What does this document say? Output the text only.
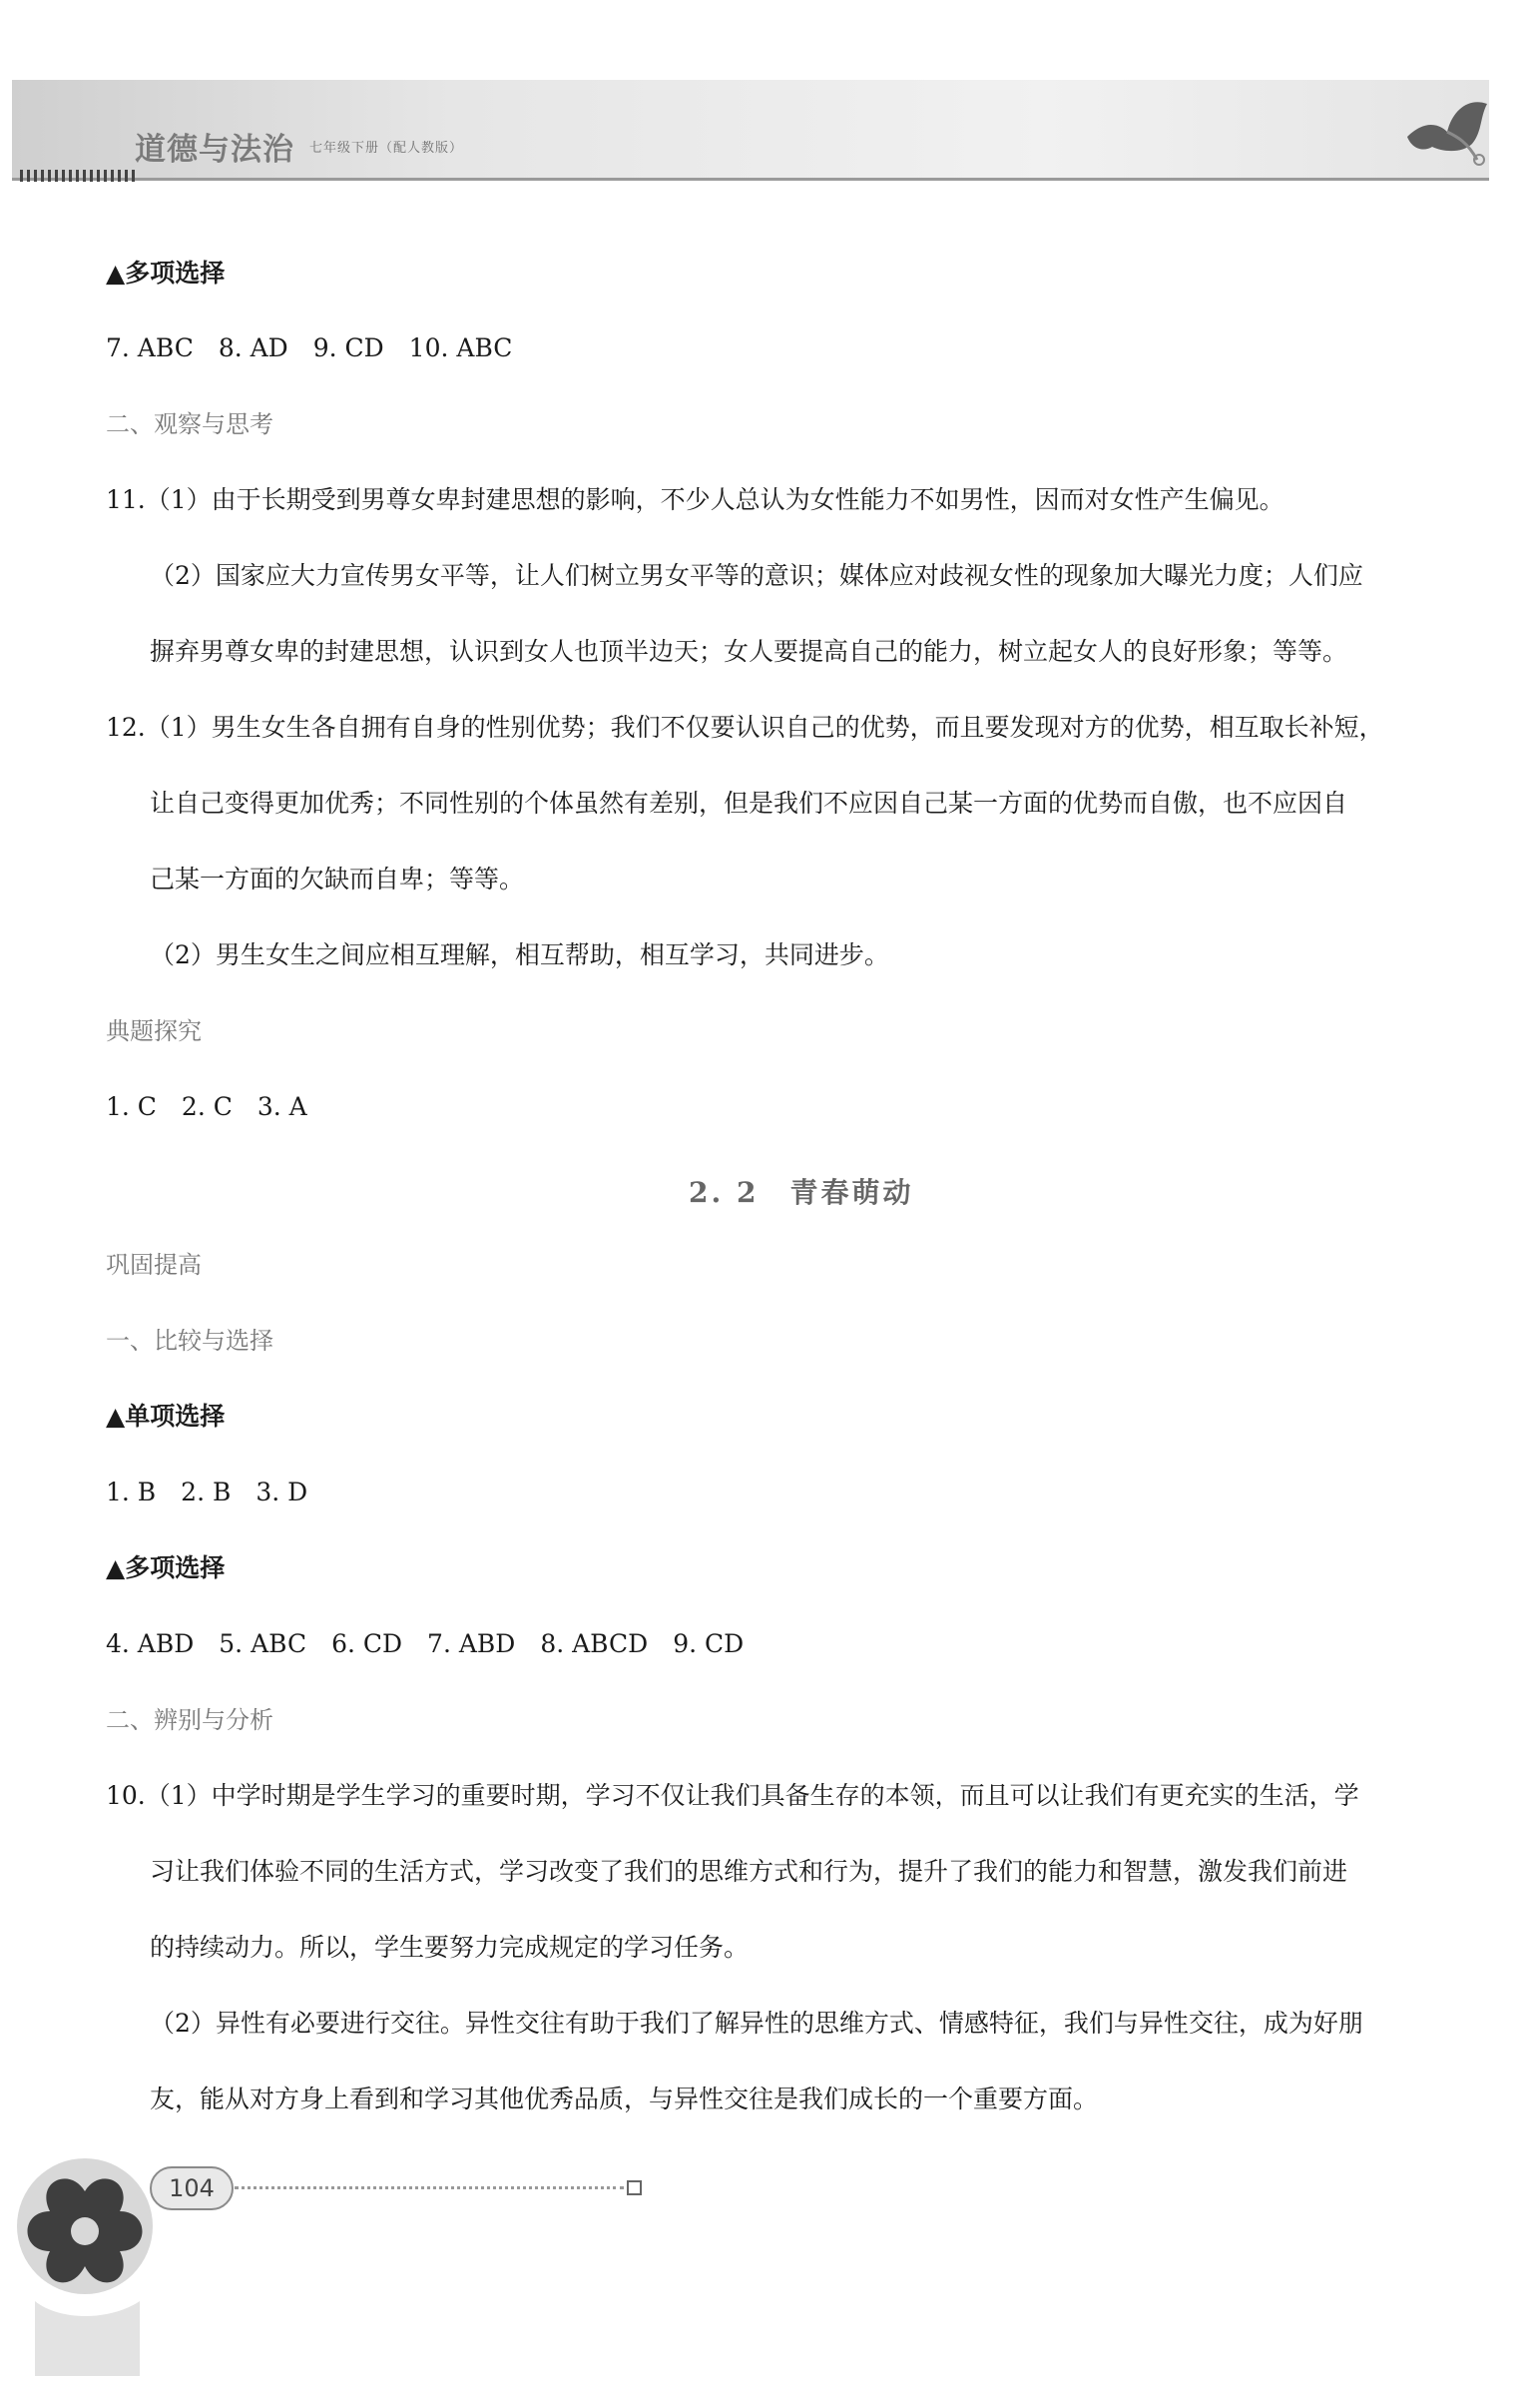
道德与法治 七年级下册（配人教版）
▲多项选择
7. ABC　8. AD　9. CD　10. ABC
二、观察与思考
11.（1）由于长期受到男尊女卑封建思想的影响，不少人总认为女性能力不如男性，因而对女性产生偏见。
（2）国家应大力宣传男女平等，让人们树立男女平等的意识；媒体应对歧视女性的现象加大曝光力度；人们应
摒弃男尊女卑的封建思想，认识到女人也顶半边天；女人要提高自己的能力，树立起女人的良好形象；等等。
12.（1）男生女生各自拥有自身的性别优势；我们不仅要认识自己的优势，而且要发现对方的优势，相互取长补短，
让自己变得更加优秀；不同性别的个体虽然有差别，但是我们不应因自己某一方面的优势而自傲，也不应因自
己某一方面的欠缺而自卑；等等。
（2）男生女生之间应相互理解，相互帮助，相互学习，共同进步。
典题探究
1. C　2. C　3. A
2. 2　青春萌动
巩固提高
一、比较与选择
▲单项选择
1. B　2. B　3. D
▲多项选择
4. ABD　5. ABC　6. CD　7. ABD　8. ABCD　9. CD
二、辨别与分析
10.（1）中学时期是学生学习的重要时期，学习不仅让我们具备生存的本领，而且可以让我们有更充实的生活，学
习让我们体验不同的生活方式，学习改变了我们的思维方式和行为，提升了我们的能力和智慧，激发我们前进
的持续动力。所以，学生要努力完成规定的学习任务。
（2）异性有必要进行交往。异性交往有助于我们了解异性的思维方式、情感特征，我们与异性交往，成为好朋
友，能从对方身上看到和学习其他优秀品质，与异性交往是我们成长的一个重要方面。
104
